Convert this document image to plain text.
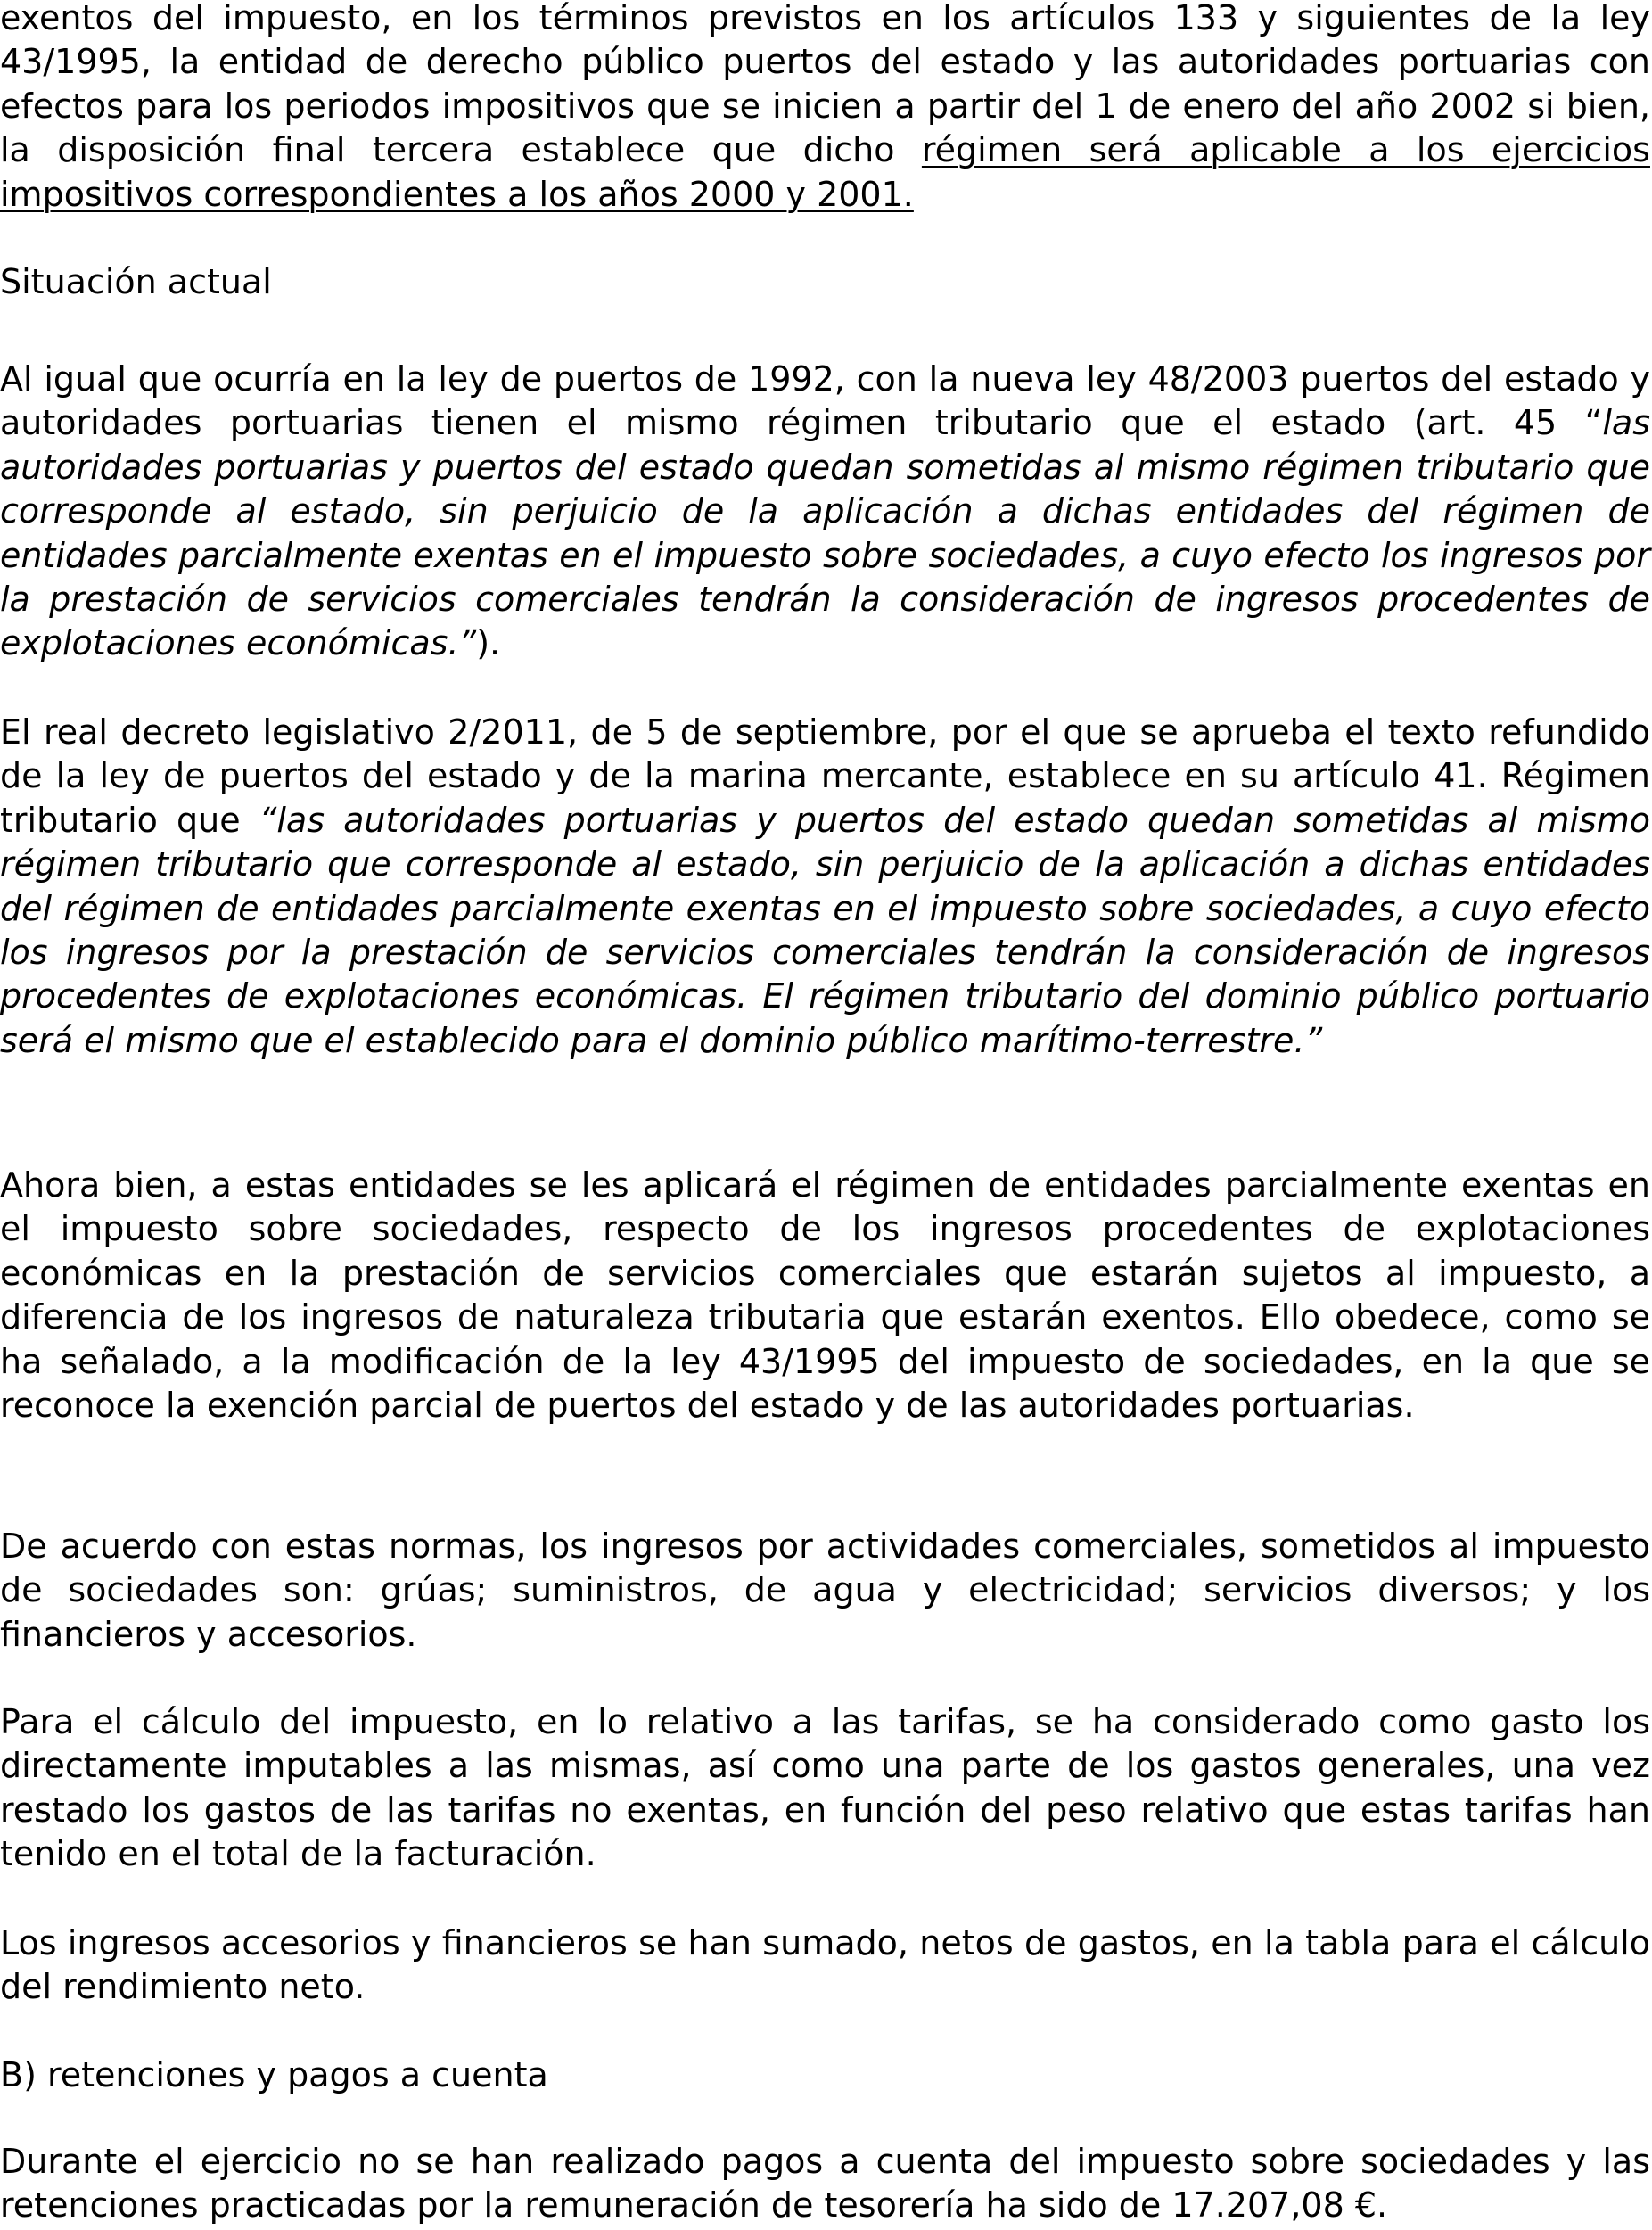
exentos del impuesto, en los términos previstos en los artículos 133 y siguientes de la ley 43/1995, la entidad de derecho público puertos del estado y las autoridades portuarias con efectos para los periodos impositivos que se inicien a partir del 1 de enero del año 2002 si bien, la disposición final tercera establece que dicho régimen será aplicable a los ejercicios impositivos correspondientes a los años 2000 y 2001.

Situación actual

Al igual que ocurría en la ley de puertos de 1992, con la nueva ley 48/2003 puertos del estado y autoridades portuarias tienen el mismo régimen tributario que el estado (art. 45 “las autoridades portuarias y puertos del estado quedan sometidas al mismo régimen tributario que corresponde al estado, sin perjuicio de la aplicación a dichas entidades del régimen de entidades parcialmente exentas en el impuesto sobre sociedades, a cuyo efecto los ingresos por la prestación de servicios comerciales tendrán la consideración de ingresos procedentes de explotaciones económicas.”).

El real decreto legislativo 2/2011, de 5 de septiembre, por el que se aprueba el texto refundido de la ley de puertos del estado y de la marina mercante, establece en su artículo 41. Régimen tributario que “las autoridades portuarias y puertos del estado quedan sometidas al mismo régimen tributario que corresponde al estado, sin perjuicio de la aplicación a dichas entidades del régimen de entidades parcialmente exentas en el impuesto sobre sociedades, a cuyo efecto los ingresos por la prestación de servicios comerciales tendrán la consideración de ingresos procedentes de explotaciones económicas. El régimen tributario del dominio público portuario será el mismo que el establecido para el dominio público marítimo-terrestre.”

Ahora bien, a estas entidades se les aplicará el régimen de entidades parcialmente exentas en el impuesto sobre sociedades, respecto de los ingresos procedentes de explotaciones económicas en la prestación de servicios comerciales que estarán sujetos al impuesto, a diferencia de los ingresos de naturaleza tributaria que estarán exentos. Ello obedece, como se ha señalado, a la modificación de la ley 43/1995 del impuesto de sociedades, en la que se reconoce la exención parcial de puertos del estado y de las autoridades portuarias.

De acuerdo con estas normas, los ingresos por actividades comerciales, sometidos al impuesto de sociedades son: grúas; suministros, de agua y electricidad; servicios diversos; y los financieros y accesorios.

Para el cálculo del impuesto, en lo relativo a las tarifas, se ha considerado como gasto los directamente imputables a las mismas, así como una parte de los gastos generales, una vez restado los gastos de las tarifas no exentas, en función del peso relativo que estas tarifas han tenido en el total de la facturación.

Los ingresos accesorios y financieros se han sumado, netos de gastos, en la tabla para el cálculo del rendimiento neto.

B) retenciones y pagos a cuenta

Durante el ejercicio no se han realizado pagos a cuenta del impuesto sobre sociedades y las retenciones practicadas por la remuneración de tesorería ha sido de 17.207,08 €.
